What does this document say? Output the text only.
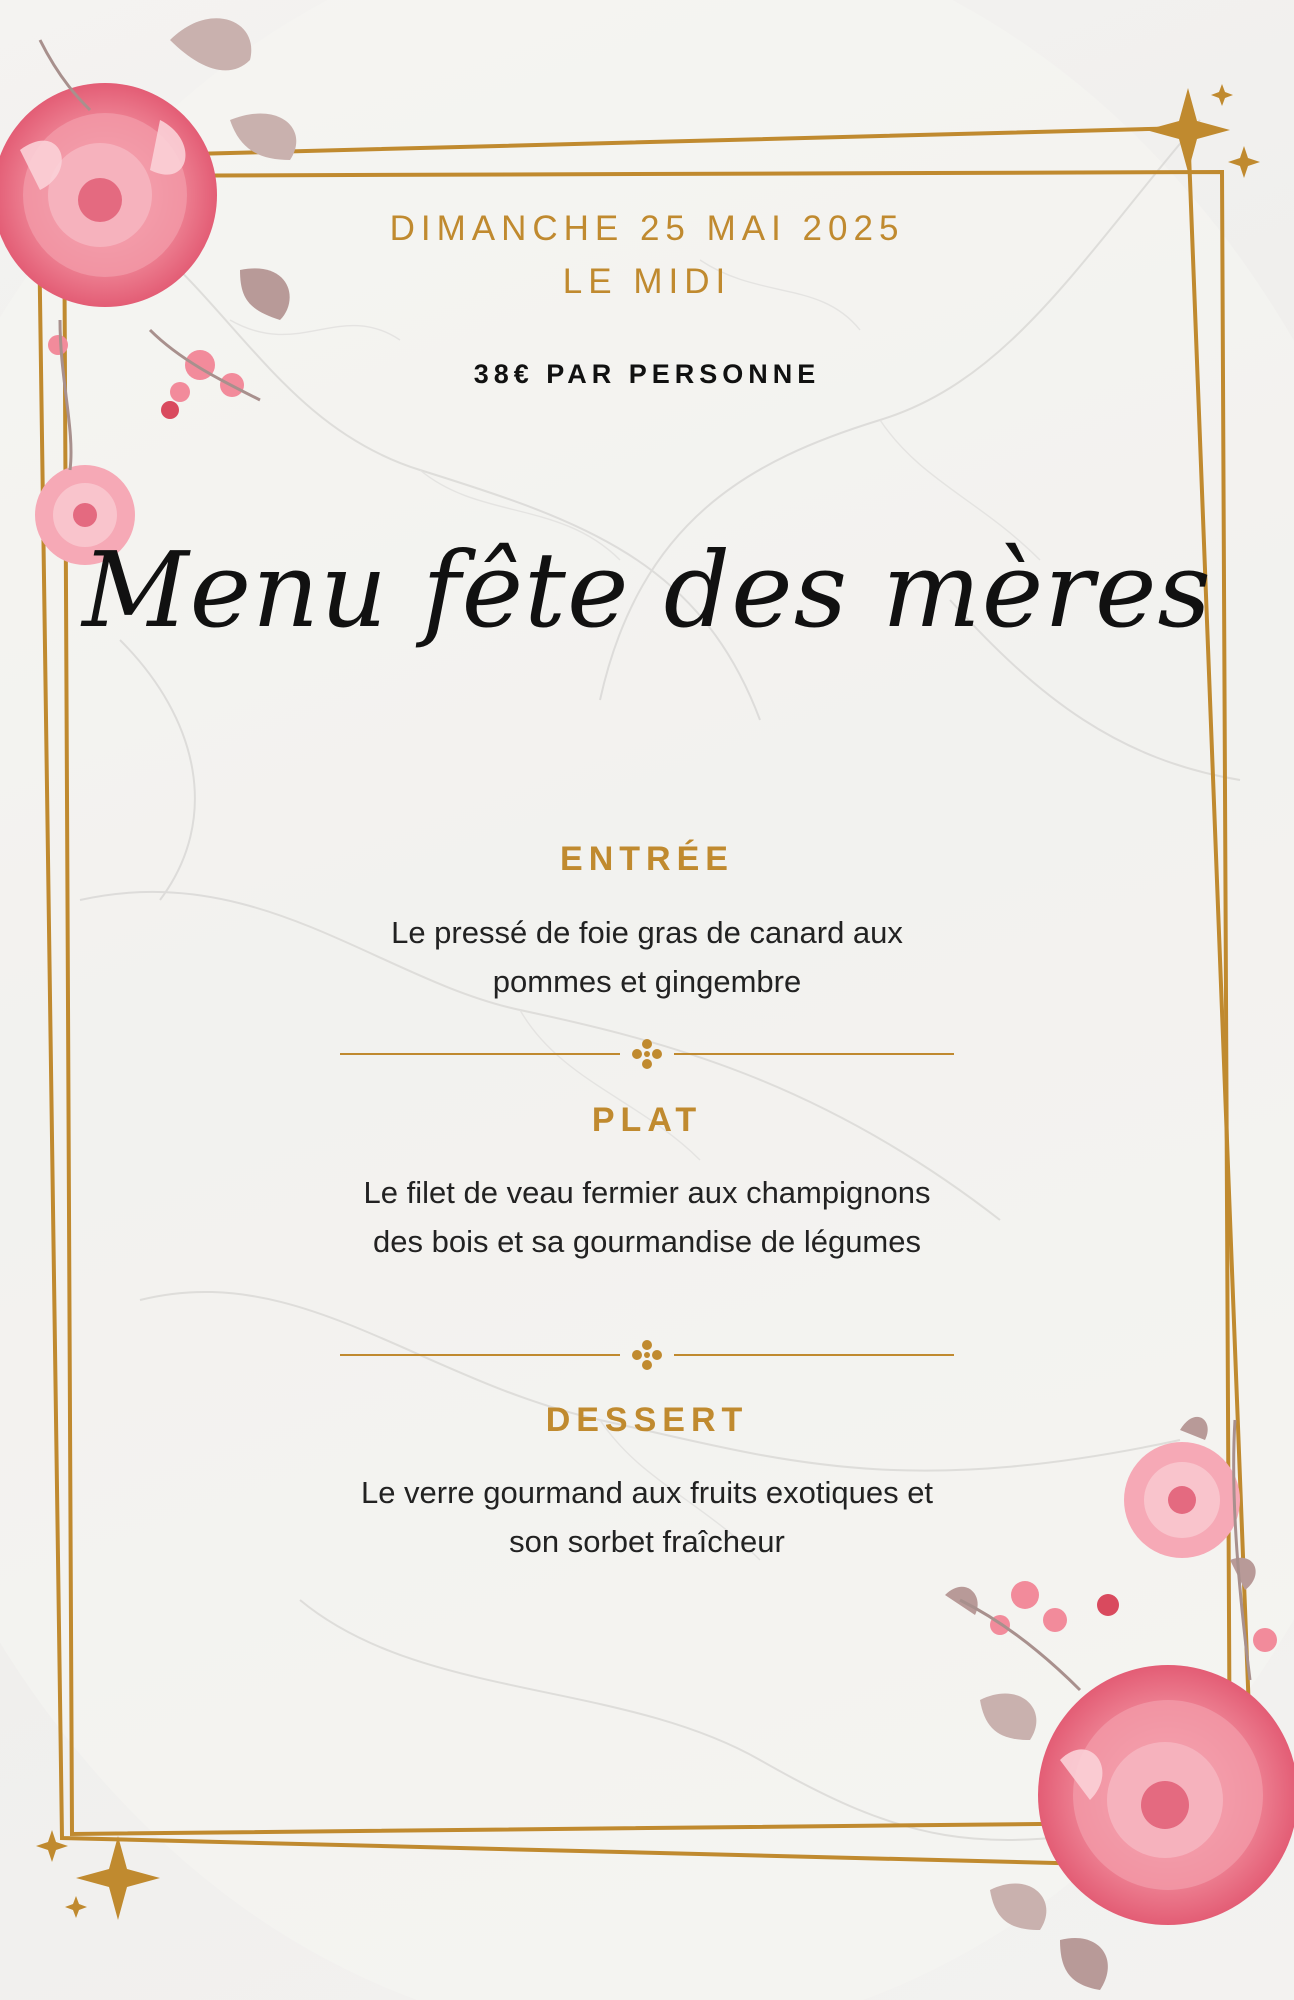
DIMANCHE 25 MAI 2025
LE MIDI
38€ PAR PERSONNE
Menu fête des mères
ENTRÉE
Le pressé de foie gras de canard aux
pommes et gingembre
PLAT
Le filet de veau fermier aux champignons
des bois et sa gourmandise de légumes
DESSERT
Le verre gourmand aux fruits exotiques et
son sorbet fraîcheur
